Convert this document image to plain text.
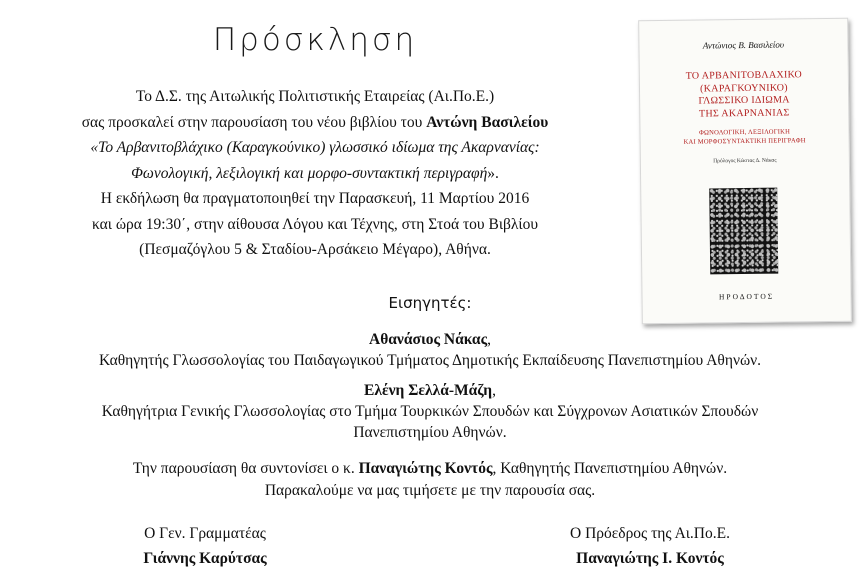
Πρόσκληση
Το Δ.Σ. της Αιτωλικής Πολιτιστικής Εταιρείας (Αι.Πο.Ε.)
σας προσκαλεί στην παρουσίαση του νέου βιβλίου του Αντώνη Βασιλείου
«Το Αρβανιτοβλάχικο (Καραγκούνικο) γλωσσικό ιδίωμα της Ακαρνανίας:
Φωνολογική, λεξιλογική και μορφο-συντακτική περιγραφή».
Η εκδήλωση θα πραγματοποιηθεί την Παρασκευή, 11 Μαρτίου 2016
και ώρα 19:30΄, στην αίθουσα Λόγου και Τέχνης, στη Στοά του Βιβλίου
(Πεσμαζόγλου 5 & Σταδίου-Αρσάκειο Μέγαρο), Αθήνα.
Αντώνιος Β. Βασιλείου
ΤΟ ΑΡΒΑΝΙΤΟΒΛΑΧΙΚΟ
(ΚΑΡΑΓΚΟΥΝΙΚΟ)
ΓΛΩΣΣΙΚΟ ΙΔΙΩΜΑ
ΤΗΣ ΑΚΑΡΝΑΝΙΑΣ
ΦΩΝΟΛΟΓΙΚΗ, ΛΕΞΙΛΟΓΙΚΗ
ΚΑΙ ΜΟΡΦΟΣΥΝΤΑΚΤΙΚΗ ΠΕΡΙΓΡΑΦΗ
Πρόλογος Κώστας Δ. Νάκας
ΗΡΟΔΟΤΟΣ
Εισηγητές:
Αθανάσιος Νάκας,
Καθηγητής Γλωσσολογίας του Παιδαγωγικού Τμήματος Δημοτικής Εκπαίδευσης Πανεπιστημίου Αθηνών.
Ελένη Σελλά-Μάζη,
Καθηγήτρια Γενικής Γλωσσολογίας στο Τμήμα Τουρκικών Σπουδών και Σύγχρονων Ασιατικών Σπουδών
Πανεπιστημίου Αθηνών.
Την παρουσίαση θα συντονίσει ο κ. Παναγιώτης Κοντός, Καθηγητής Πανεπιστημίου Αθηνών.
Παρακαλούμε να μας τιμήσετε με την παρουσία σας.
Ο Γεν. Γραμματέας
Γιάννης Καρύτσας
Ο Πρόεδρος της Αι.Πο.Ε.
Παναγιώτης Ι. Κοντός
